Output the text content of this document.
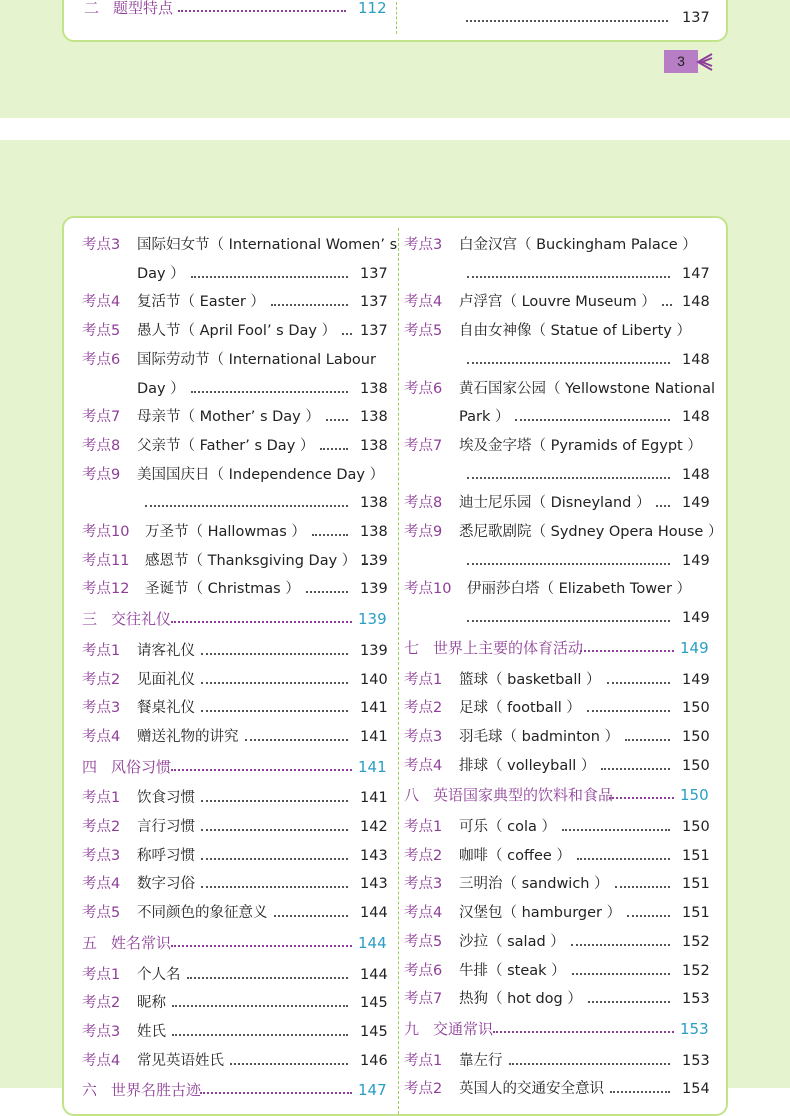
二 题型特点	112
137
3
考点3 国际妇女节（ International Women’ s
Day ）	137
考点4 复活节（ Easter ）	137
考点5 愚人节（ April Fool’ s Day ） 137
考点6 国际劳动节（ International Labour
Day ）	138
考点7 母亲节（ Mother’ s Day ）	138
考点8 父亲节（ Father’ s Day ）	138
考点9 美国国庆日（ Independence Day ）
138
考点10 万圣节（ Hallowmas ）	138
考点11 感恩节（ Thanksgiving Day ） 139
考点12 圣诞节（ Christmas ）	139
三 交往礼仪	139
考点1 请客礼仪	139
考点2 见面礼仪	140
考点3 餐桌礼仪	141
考点4 赠送礼物的讲究	141
四 风俗习惯	141
考点1 饮食习惯	141
考点2 言行习惯	142
考点3 称呼习惯	143
考点4 数字习俗	143
考点5 不同颜色的象征意义	144
五 姓名常识	144
考点1 个人名	144
考点2 昵称	145
考点3 姓氏	145
考点4 常见英语姓氏	146
六 世界名胜古迹	147
考点3 白金汉宫（ Buckingham Palace ）
147
考点4 卢浮宫（ Louvre Museum ） 148
考点5 自由女神像（ Statue of Liberty ）
148
考点6 黄石国家公园（ Yellowstone National
Park ）	148
考点7 埃及金字塔（ Pyramids of Egypt ）
148
考点8 迪士尼乐园（ Disneyland ） 149
考点9 悉尼歌剧院（ Sydney Opera House ）
149
考点10 伊丽莎白塔（ Elizabeth Tower ）
149
七 世界上主要的体育活动	149
考点1 篮球（ basketball ）	149
考点2 足球（ football ）	150
考点3 羽毛球（ badminton ）	150
考点4 排球（ volleyball ）	150
八 英语国家典型的饮料和食品	150
考点1 可乐（ cola ）	150
考点2 咖啡（ coffee ）	151
考点3 三明治（ sandwich ）	151
考点4 汉堡包（ hamburger ）	151
考点5 沙拉（ salad ）	152
考点6 牛排（ steak ）	152
考点7 热狗（ hot dog ）	153
九 交通常识	153
考点1 靠左行	153
考点2 英国人的交通安全意识	154
